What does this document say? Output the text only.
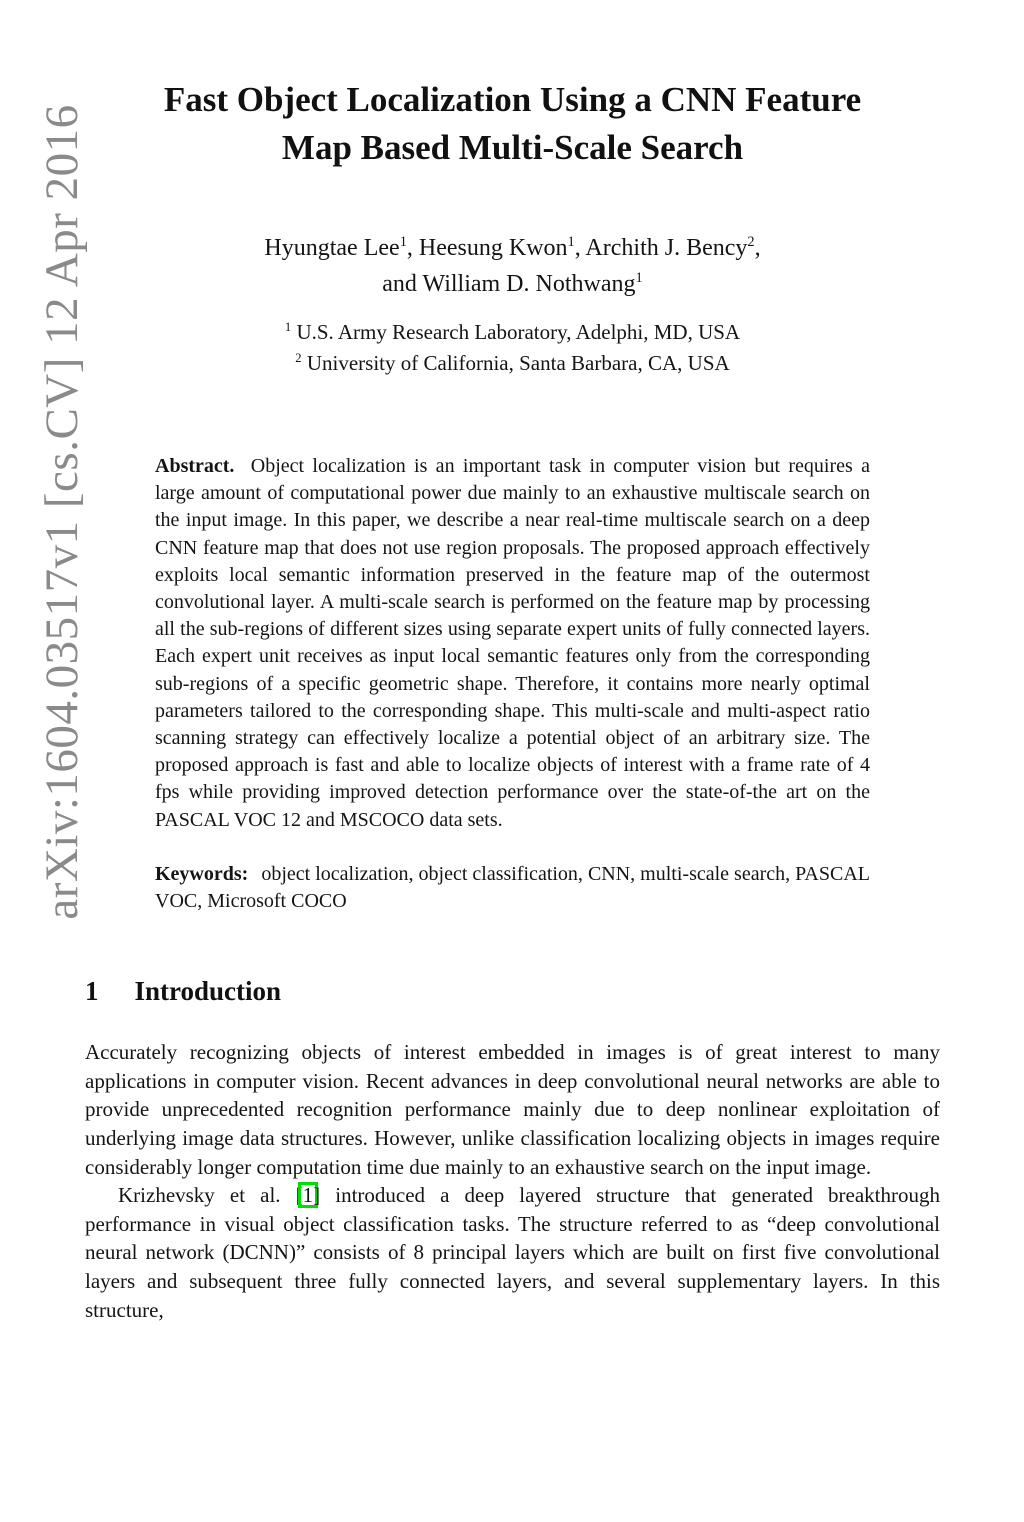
arXiv:1604.03517v1 [cs.CV] 12 Apr 2016
Fast Object Localization Using a CNN Feature
Map Based Multi-Scale Search
Hyungtae Lee$^1$, Heesung Kwon$^1$, Archith J. Bency$^2$,
and William D. Nothwang$^1$
$^1$ U.S. Army Research Laboratory, Adelphi, MD, USA
$^2$ University of California, Santa Barbara, CA, USA
Abstract. Object localization is an important task in computer vision but requires a large amount of computational power due mainly to an exhaustive multiscale search on the input image. In this paper, we describe a near real-time multiscale search on a deep CNN feature map that does not use region proposals. The proposed approach effectively exploits local semantic information preserved in the feature map of the outermost convolutional layer. A multi-scale search is performed on the feature map by processing all the sub-regions of different sizes using separate expert units of fully connected layers. Each expert unit receives as input local semantic features only from the corresponding sub-regions of a specific geometric shape. Therefore, it contains more nearly optimal parameters tailored to the corresponding shape. This multi-scale and multi-aspect ratio scanning strategy can effectively localize a potential object of an arbitrary size. The proposed approach is fast and able to localize objects of interest with a frame rate of 4 fps while providing improved detection performance over the state-of-the art on the PASCAL VOC 12 and MSCOCO data sets.
Keywords: object localization, object classification, CNN, multi-scale search, PASCAL VOC, Microsoft COCO
1 Introduction

Accurately recognizing objects of interest embedded in images is of great interest to many applications in computer vision. Recent advances in deep convolutional neural networks are able to provide unprecedented recognition performance mainly due to deep nonlinear exploitation of underlying image data structures. However, unlike classification localizing objects in images require considerably longer computation time due mainly to an exhaustive search on the input image.

Krizhevsky et al. [1] introduced a deep layered structure that generated breakthrough performance in visual object classification tasks. The structure referred to as “deep convolutional neural network (DCNN)” consists of 8 principal layers which are built on first five convolutional layers and subsequent three fully connected layers, and several supplementary layers. In this structure,
